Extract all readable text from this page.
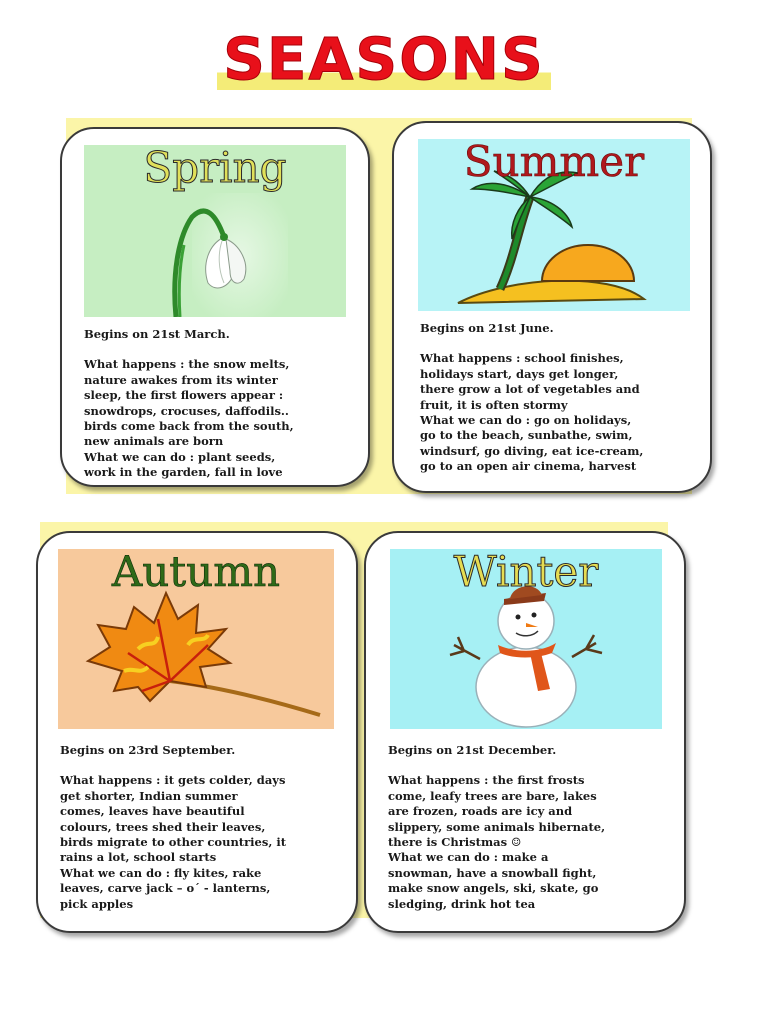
SEASONS
Spring

Begins on 21st March.

What happens : the snow melts,
nature awakes from its winter
sleep, the first flowers appear :
snowdrops, crocuses, daffodils..
birds come back from the south,
new animals are born

What we can do : plant seeds,
work in the garden, fall in love

Summer

Begins on 21st June.

What happens : school finishes,
holidays start, days get longer,
there grow a lot of vegetables and
fruit, it is often stormy

What we can do : go on holidays,
go to the beach, sunbathe, swim,
windsurf, go diving, eat ice-cream,
go to an open air cinema, harvest

Autumn

Begins on 23rd September.

What happens : it gets colder, days
get shorter, Indian summer
comes, leaves have beautiful
colours, trees shed their leaves,
birds migrate to other countries, it
rains a lot, school starts

What we can do : fly kites, rake
leaves, carve jack – o´ - lanterns,
pick apples

Winter

Begins on 21st December.

What happens : the first frosts
come, leafy trees are bare, lakes
are frozen, roads are icy and
slippery, some animals hibernate,
there is Christmas ☺

What we can do : make a
snowman, have a snowball fight,
make snow angels, ski, skate, go
sledging, drink hot tea
